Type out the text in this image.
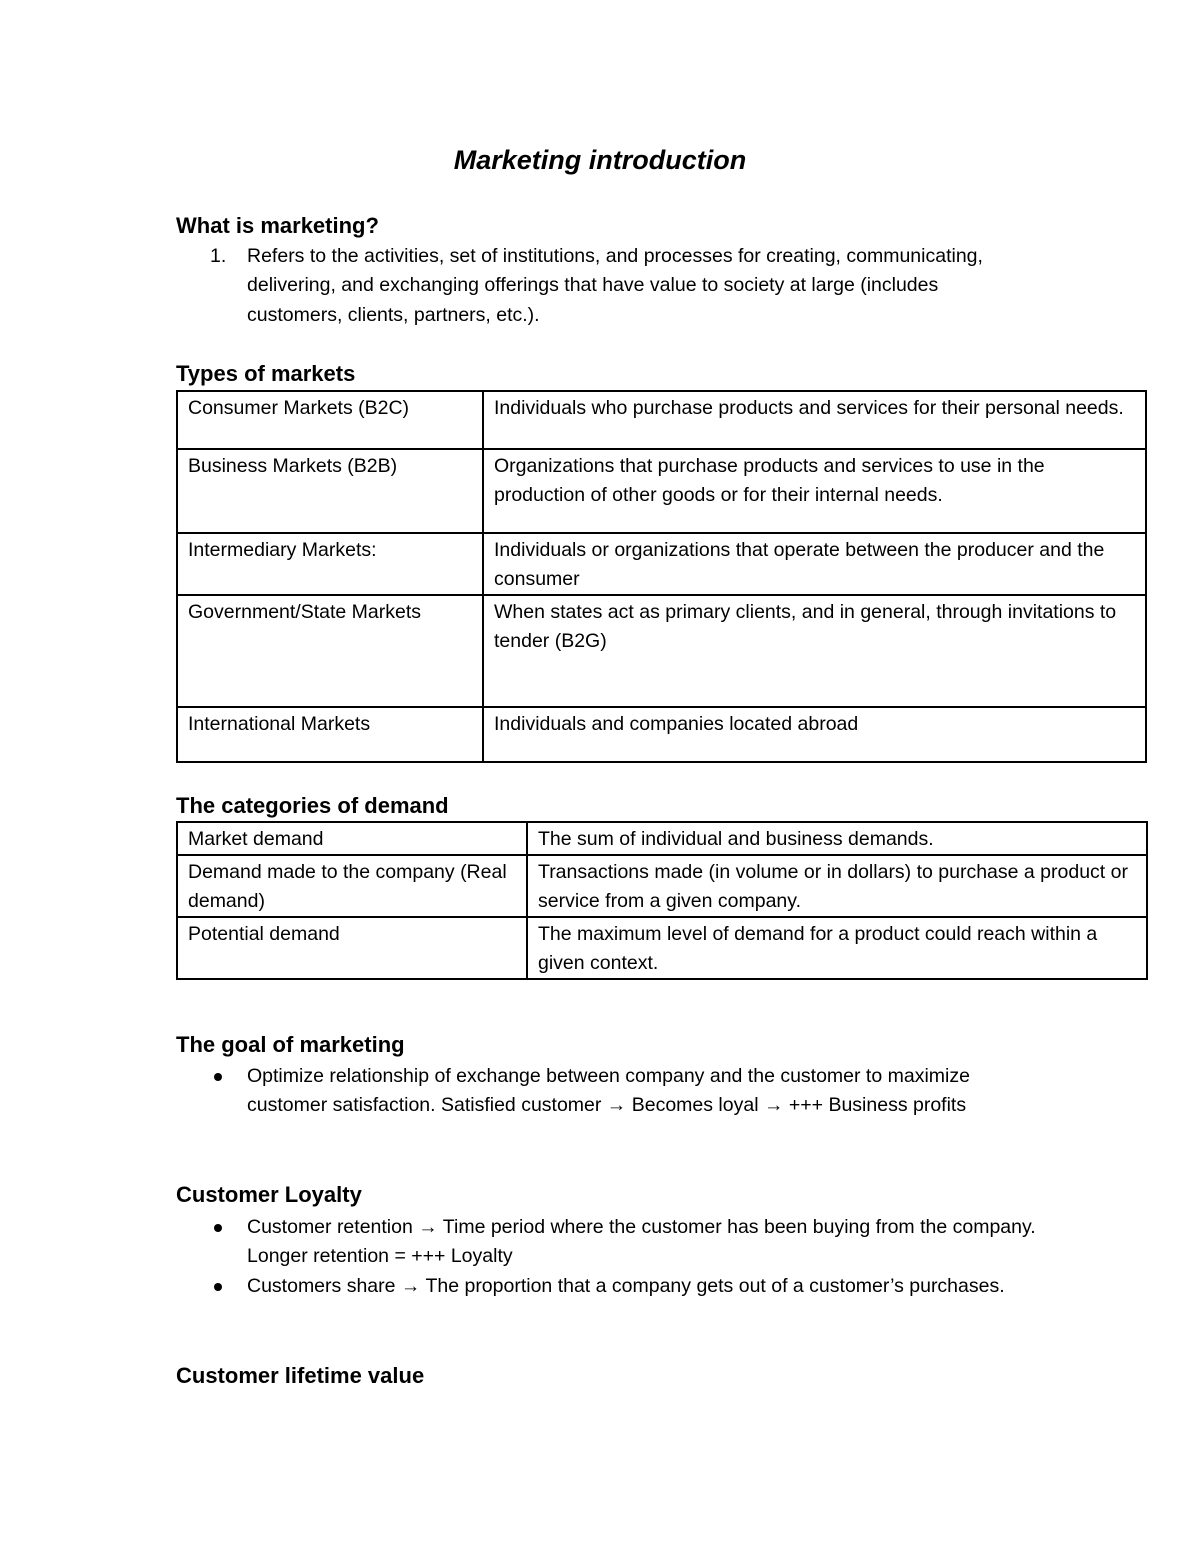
Marketing introduction
What is marketing?
1. Refers to the activities, set of institutions, and processes for creating, communicating, delivering, and exchanging offerings that have value to society at large (includes customers, clients, partners, etc.).
Types of markets
Consumer Markets (B2C)	Individuals who purchase products and services for their personal needs.
Business Markets (B2B)	Organizations that purchase products and services to use in the production of other goods or for their internal needs.
Intermediary Markets:	Individuals or organizations that operate between the producer and the consumer
Government/State Markets	When states act as primary clients, and in general, through invitations to tender (B2G)
International Markets	Individuals and companies located abroad
The categories of demand
Market demand	The sum of individual and business demands.
Demand made to the company (Real demand)	Transactions made (in volume or in dollars) to purchase a product or service from a given company.
Potential demand	The maximum level of demand for a product could reach within a given context.
The goal of marketing
Optimize relationship of exchange between company and the customer to maximize customer satisfaction. Satisfied customer → Becomes loyal → +++ Business profits
Customer Loyalty
Customer retention → Time period where the customer has been buying from the company. Longer retention = +++ Loyalty
Customers share → The proportion that a company gets out of a customer’s purchases.
Customer lifetime value
